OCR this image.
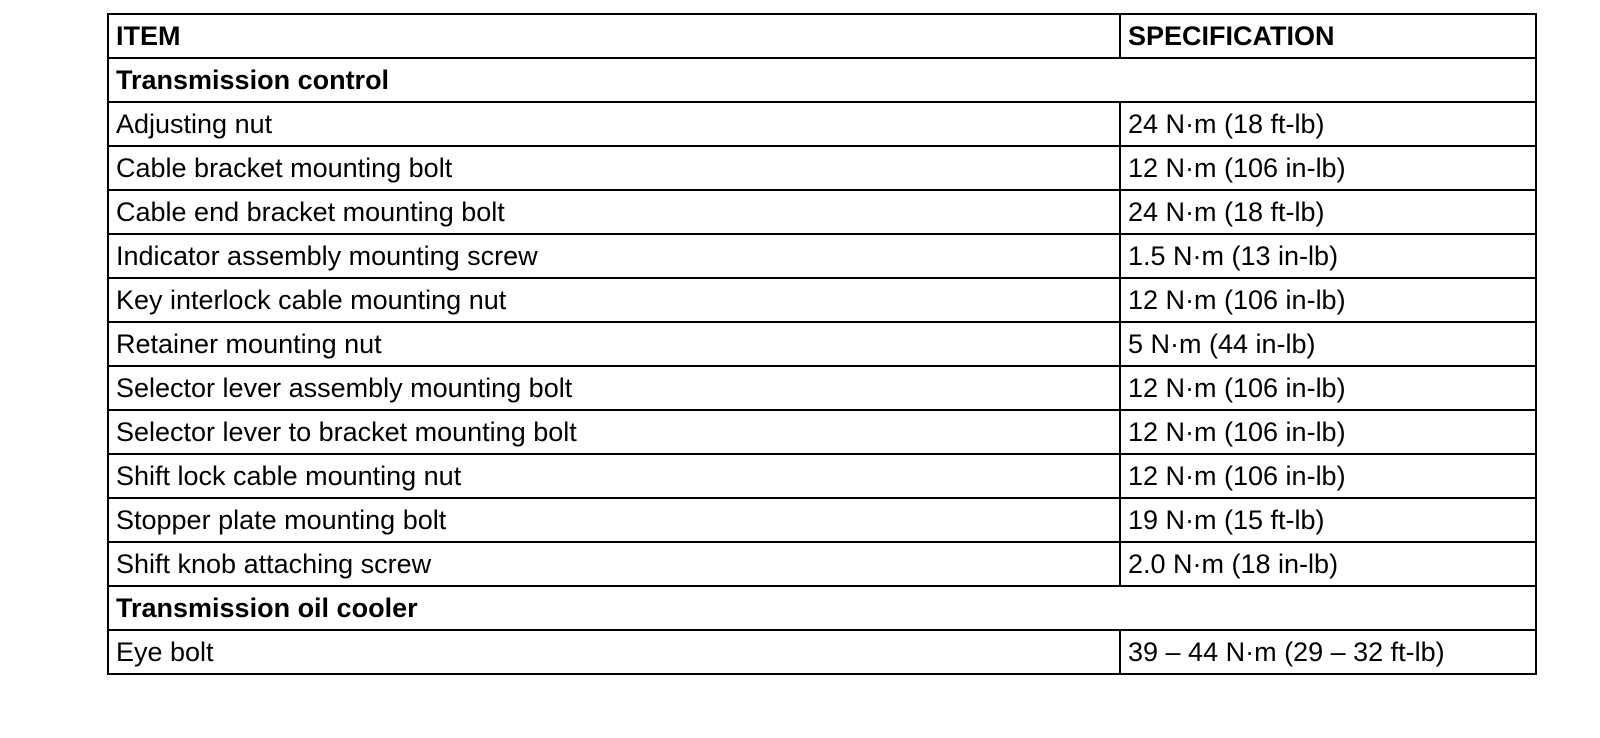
ITEM	SPECIFICATION
Transmission control	
Adjusting nut	24 N·m (18 ft-lb)
Cable bracket mounting bolt	12 N·m (106 in-lb)
Cable end bracket mounting bolt	24 N·m (18 ft-lb)
Indicator assembly mounting screw	1.5 N·m (13 in-lb)
Key interlock cable mounting nut	12 N·m (106 in-lb)
Retainer mounting nut	5 N·m (44 in-lb)
Selector lever assembly mounting bolt	12 N·m (106 in-lb)
Selector lever to bracket mounting bolt	12 N·m (106 in-lb)
Shift lock cable mounting nut	12 N·m (106 in-lb)
Stopper plate mounting bolt	19 N·m (15 ft-lb)
Shift knob attaching screw	2.0 N·m (18 in-lb)
Transmission oil cooler	
Eye bolt	39 – 44 N·m (29 – 32 ft-lb)
